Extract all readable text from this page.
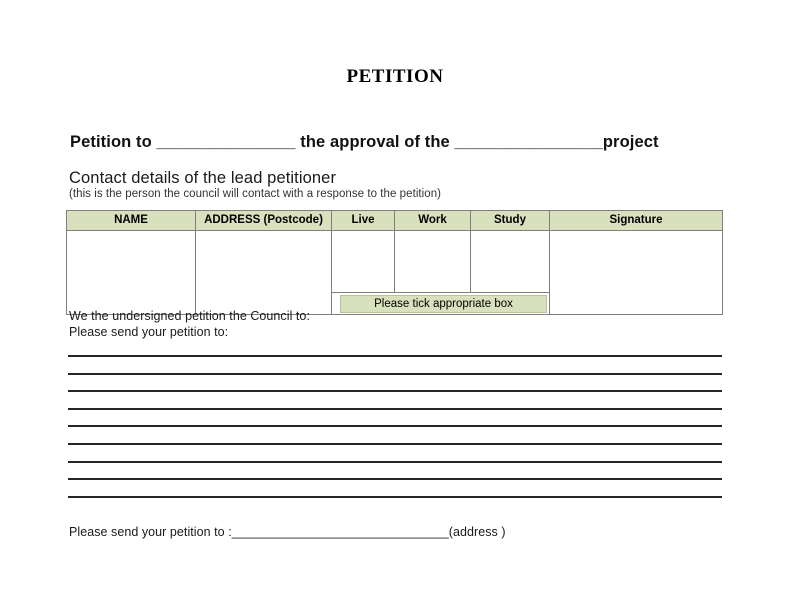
PETITION
Petition to _______________ the approval of the ________________project
Contact details of the lead petitioner
(this is the person the council will contact with a response to the petition)
NAME	ADDRESS (Postcode)	Live	Work	Study	Signature

		Please tick appropriate box			
We the undersigned petition the Council to:
Please send your petition to:
Please send your petition to :_______________________________(address )
